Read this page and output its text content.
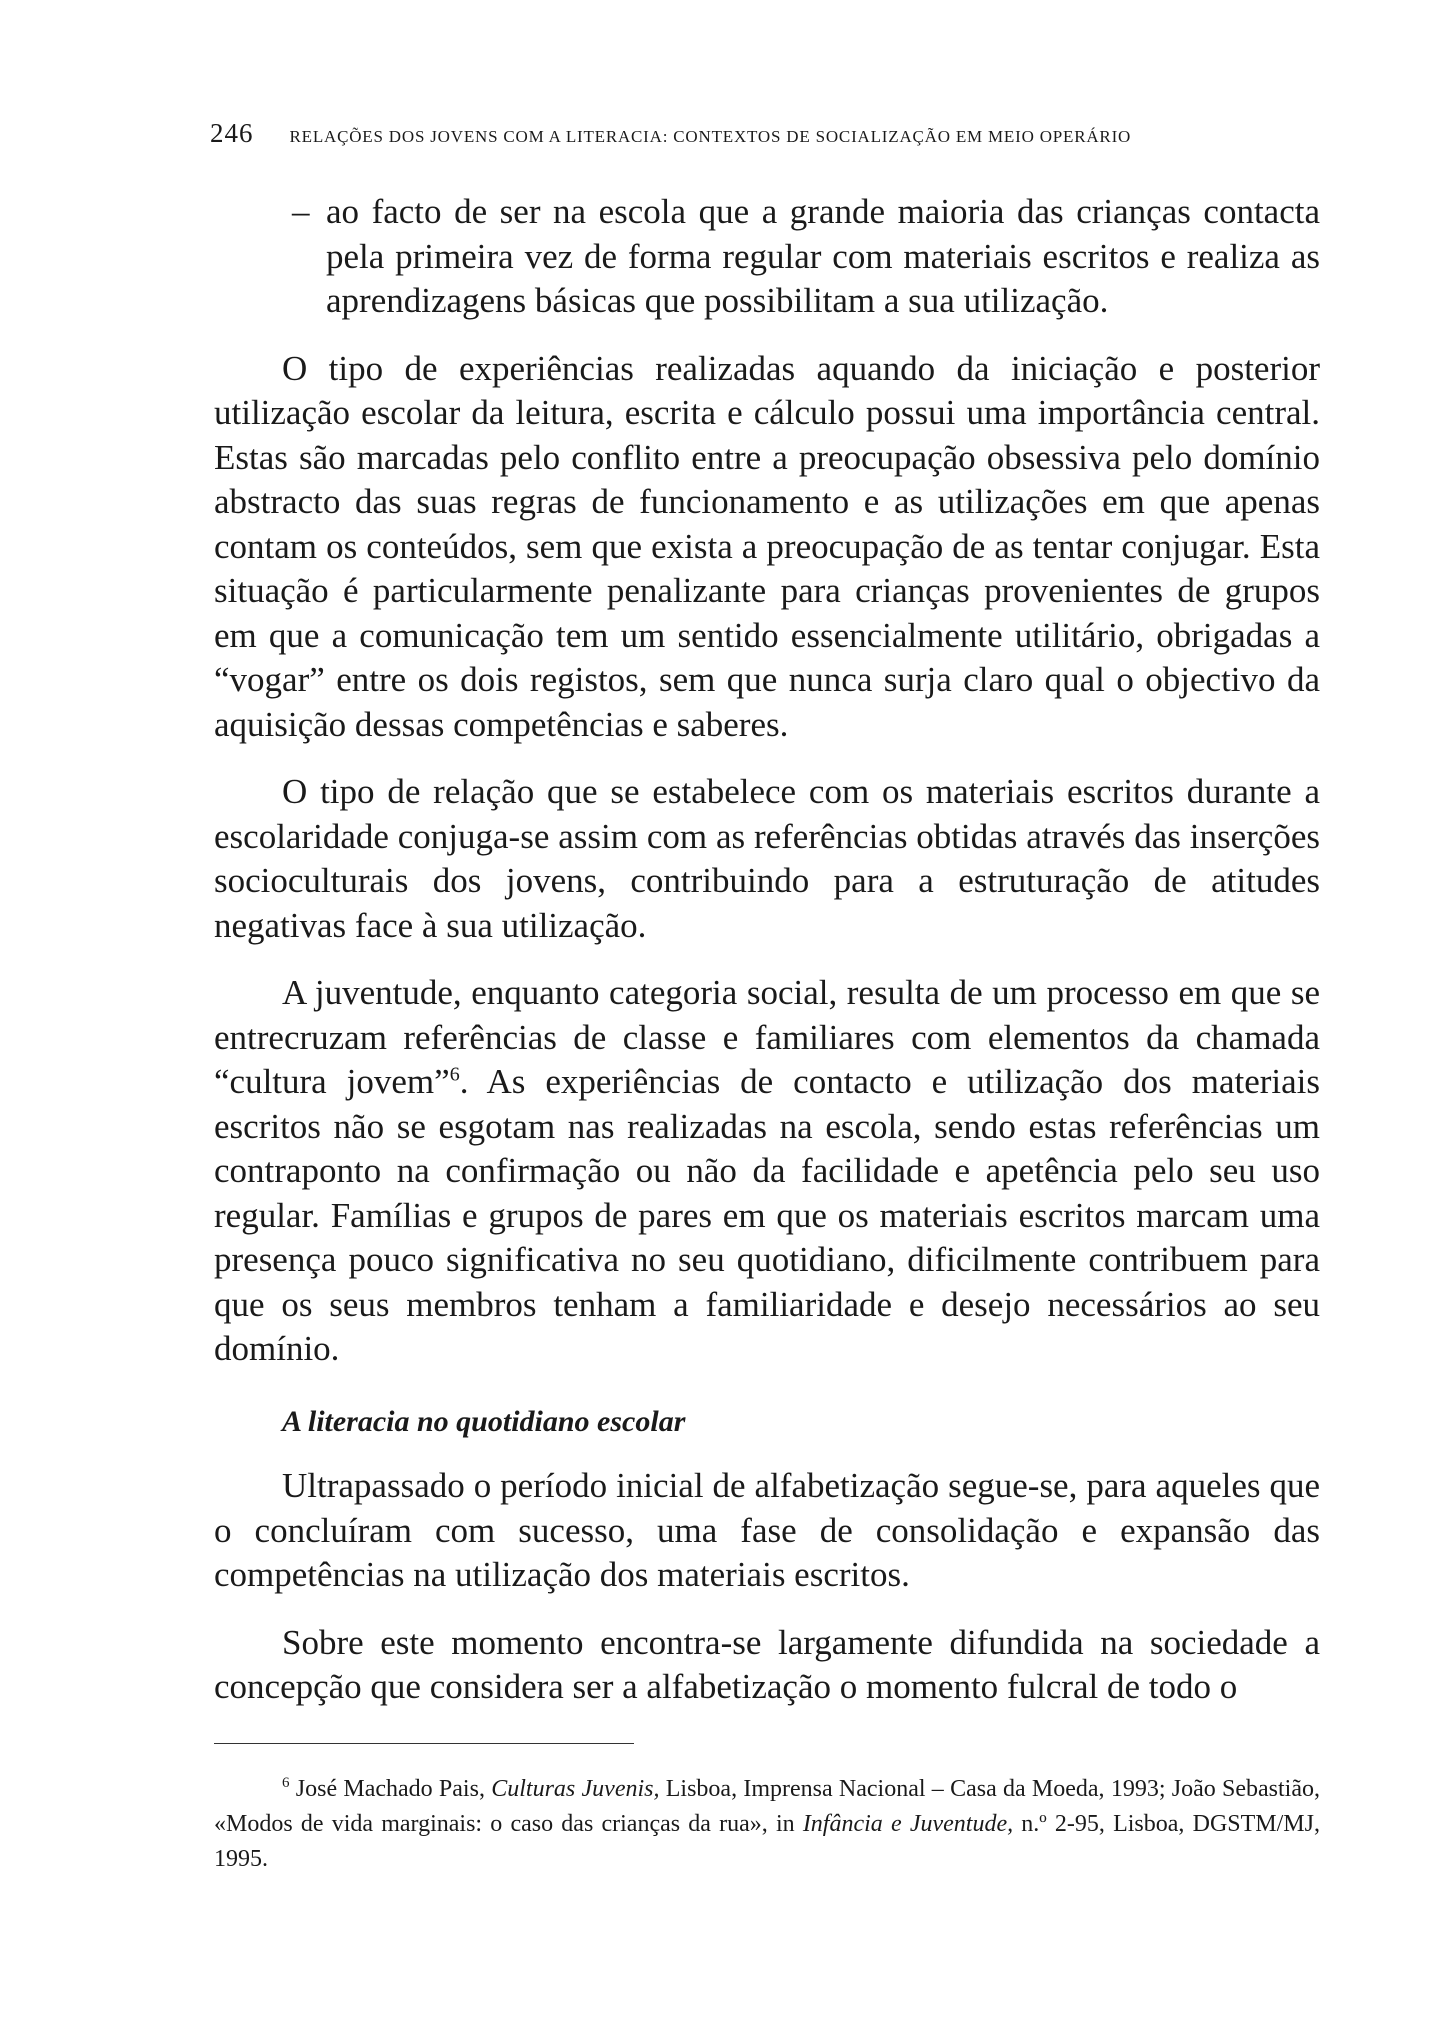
246 RELAÇÕES DOS JOVENS COM A LITERACIA: CONTEXTOS DE SOCIALIZAÇÃO EM MEIO OPERÁRIO

– ao facto de ser na escola que a grande maioria das crianças contacta pela primeira vez de forma regular com materiais escritos e realiza as aprendizagens básicas que possibilitam a sua utilização.

O tipo de experiências realizadas aquando da iniciação e posterior utilização escolar da leitura, escrita e cálculo possui uma importância central. Estas são marcadas pelo conflito entre a preocupação obsessiva pelo domínio abstracto das suas regras de funcionamento e as utilizações em que apenas contam os conteúdos, sem que exista a preocupação de as tentar conjugar. Esta situação é particularmente penalizante para crianças provenientes de grupos em que a comunicação tem um sentido essencialmente utilitário, obrigadas a “vogar” entre os dois registos, sem que nunca surja claro qual o objectivo da aquisição dessas competências e saberes.

O tipo de relação que se estabelece com os materiais escritos durante a escolaridade conjuga-se assim com as referências obtidas através das inserções socioculturais dos jovens, contribuindo para a estruturação de atitudes negativas face à sua utilização.

A juventude, enquanto categoria social, resulta de um processo em que se entrecruzam referências de classe e familiares com elementos da chamada “cultura jovem”$^6$. As experiências de contacto e utilização dos materiais escritos não se esgotam nas realizadas na escola, sendo estas referências um contraponto na confirmação ou não da facilidade e apetência pelo seu uso regular. Famílias e grupos de pares em que os materiais escritos marcam uma presença pouco significativa no seu quotidiano, dificilmente contribuem para que os seus membros tenham a familiaridade e desejo necessários ao seu domínio.

A literacia no quotidiano escolar

Ultrapassado o período inicial de alfabetização segue-se, para aqueles que o concluíram com sucesso, uma fase de consolidação e expansão das competências na utilização dos materiais escritos.

Sobre este momento encontra-se largamente difundida na sociedade a concepção que considera ser a alfabetização o momento fulcral de todo o

$^6$ José Machado Pais, Culturas Juvenis, Lisboa, Imprensa Nacional – Casa da Moeda, 1993; João Sebastião, «Modos de vida marginais: o caso das crianças da rua», in Infância e Juventude, n.º 2-95, Lisboa, DGSTM/MJ, 1995.
